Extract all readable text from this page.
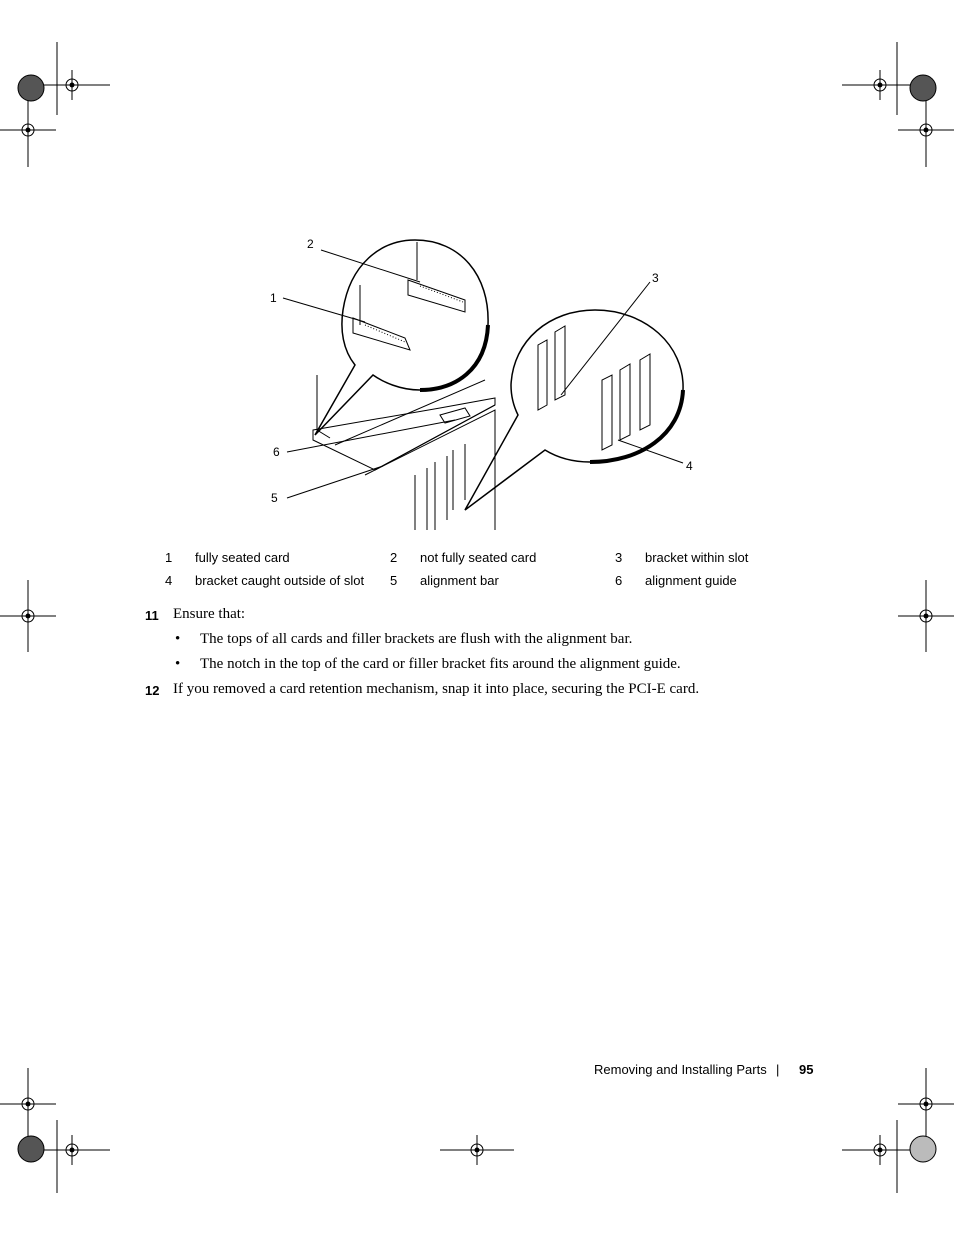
2
1
3
4
6
5
1	fully seated card	2	not fully seated card	3	bracket within slot
4	bracket caught outside of slot	5	alignment bar	6	alignment guide
11 Ensure that:
• The tops of all cards and filler brackets are flush with the alignment bar.
• The notch in the top of the card or filler bracket fits around the alignment guide.
12 If you removed a card retention mechanism, snap it into place, securing the PCI-E card.
Removing and Installing Parts | 95
